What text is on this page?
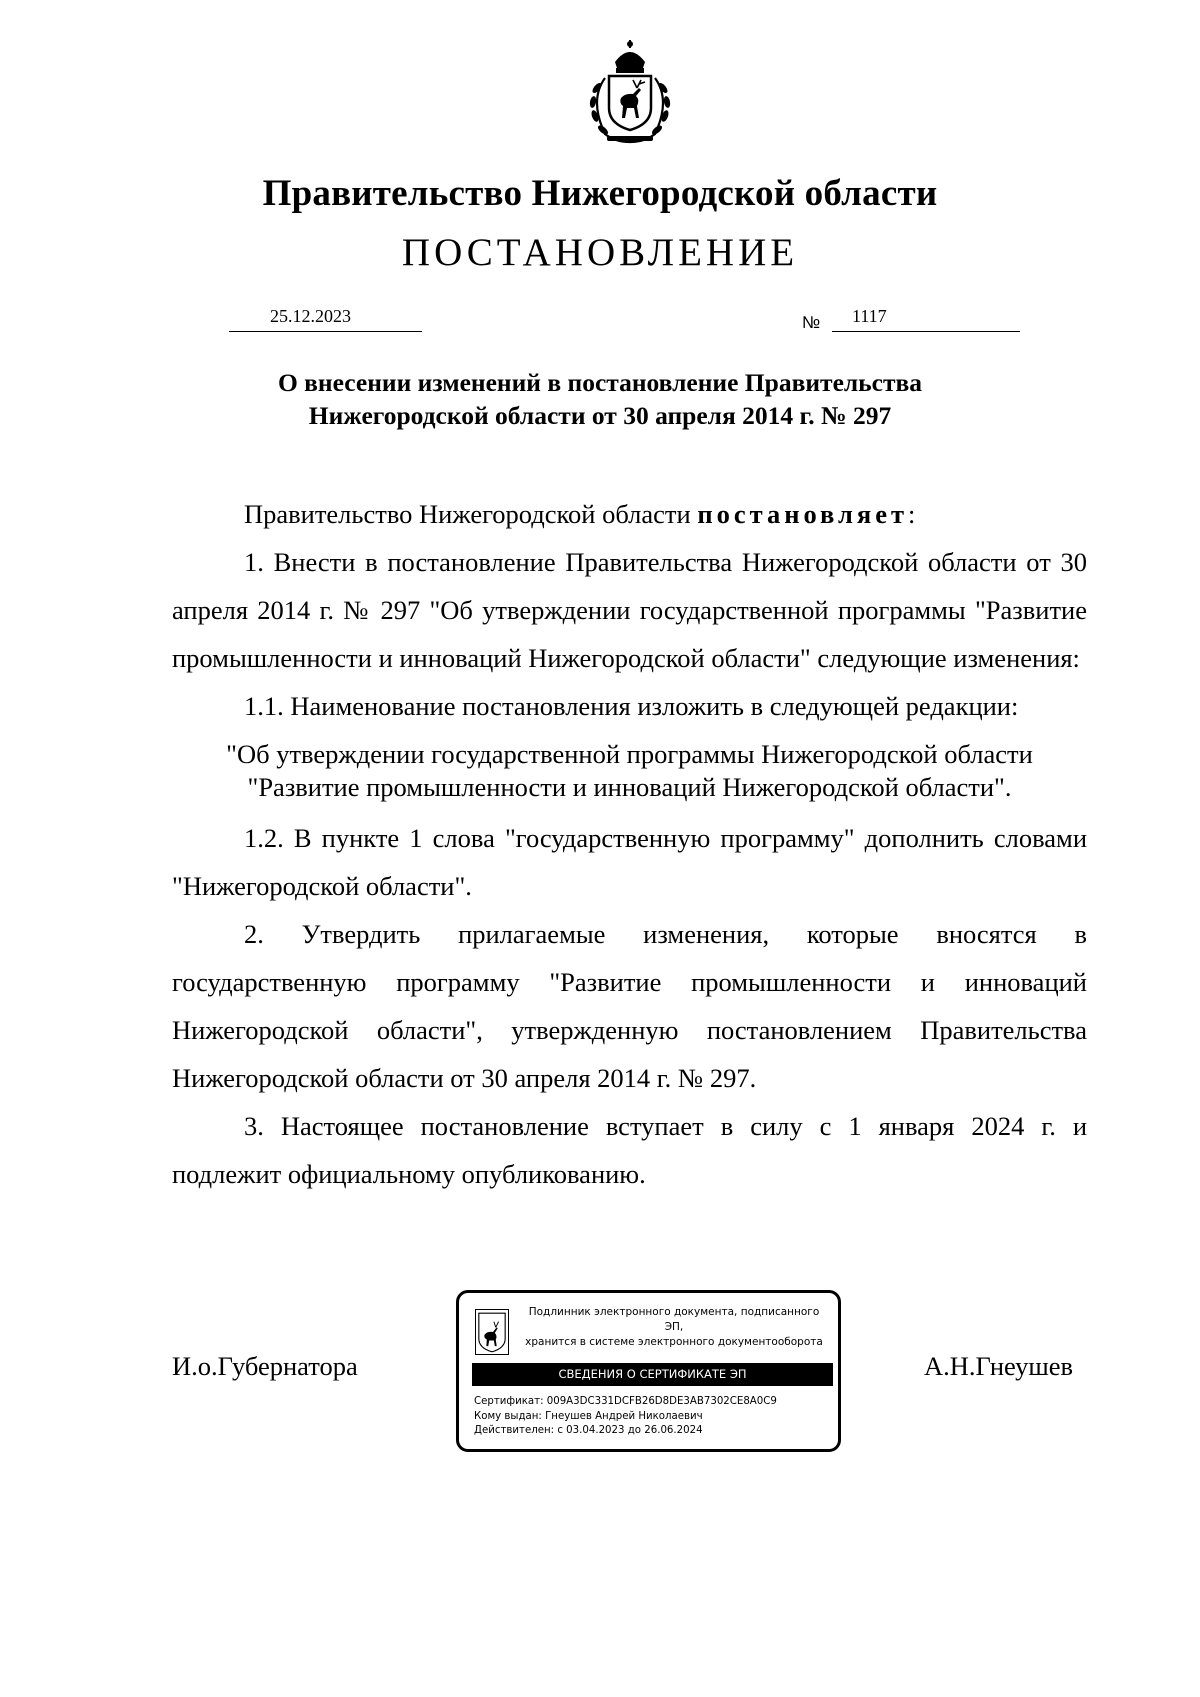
Правительство Нижегородской области
ПОСТАНОВЛЕНИЕ
25.12.2023	№	1117
О внесении изменений в постановление Правительства
Нижегородской области от 30 апреля 2014 г. № 297

Правительство Нижегородской области постановляет:

1. Внести в постановление Правительства Нижегородской области от 30 апреля 2014 г. № 297 "Об утверждении государственной программы "Развитие промышленности и инноваций Нижегородской области" следующие изменения:

1.1. Наименование постановления изложить в следующей редакции:

"Об утверждении государственной программы Нижегородской области
"Развитие промышленности и инноваций Нижегородской области".

1.2. В пункте 1 слова "государственную программу" дополнить словами "Нижегородской области".

2. Утвердить прилагаемые изменения, которые вносятся в государственную программу "Развитие промышленности и инноваций Нижегородской области", утвержденную постановлением Правительства Нижегородской области от 30 апреля 2014 г. № 297.

3. Настоящее постановление вступает в силу с 1 января 2024 г. и подлежит официальному опубликованию.

И.о.Губернатора	А.Н.Гнеушев
Подлинник электронного документа, подписанного ЭП,
хранится в системе электронного документооборота
СВЕДЕНИЯ О СЕРТИФИКАТЕ ЭП
Сертификат: 009A3DC331DCFB26D8DE3AB7302CE8A0C9
Кому выдан: Гнеушев Андрей Николаевич
Действителен: с 03.04.2023 до 26.06.2024
